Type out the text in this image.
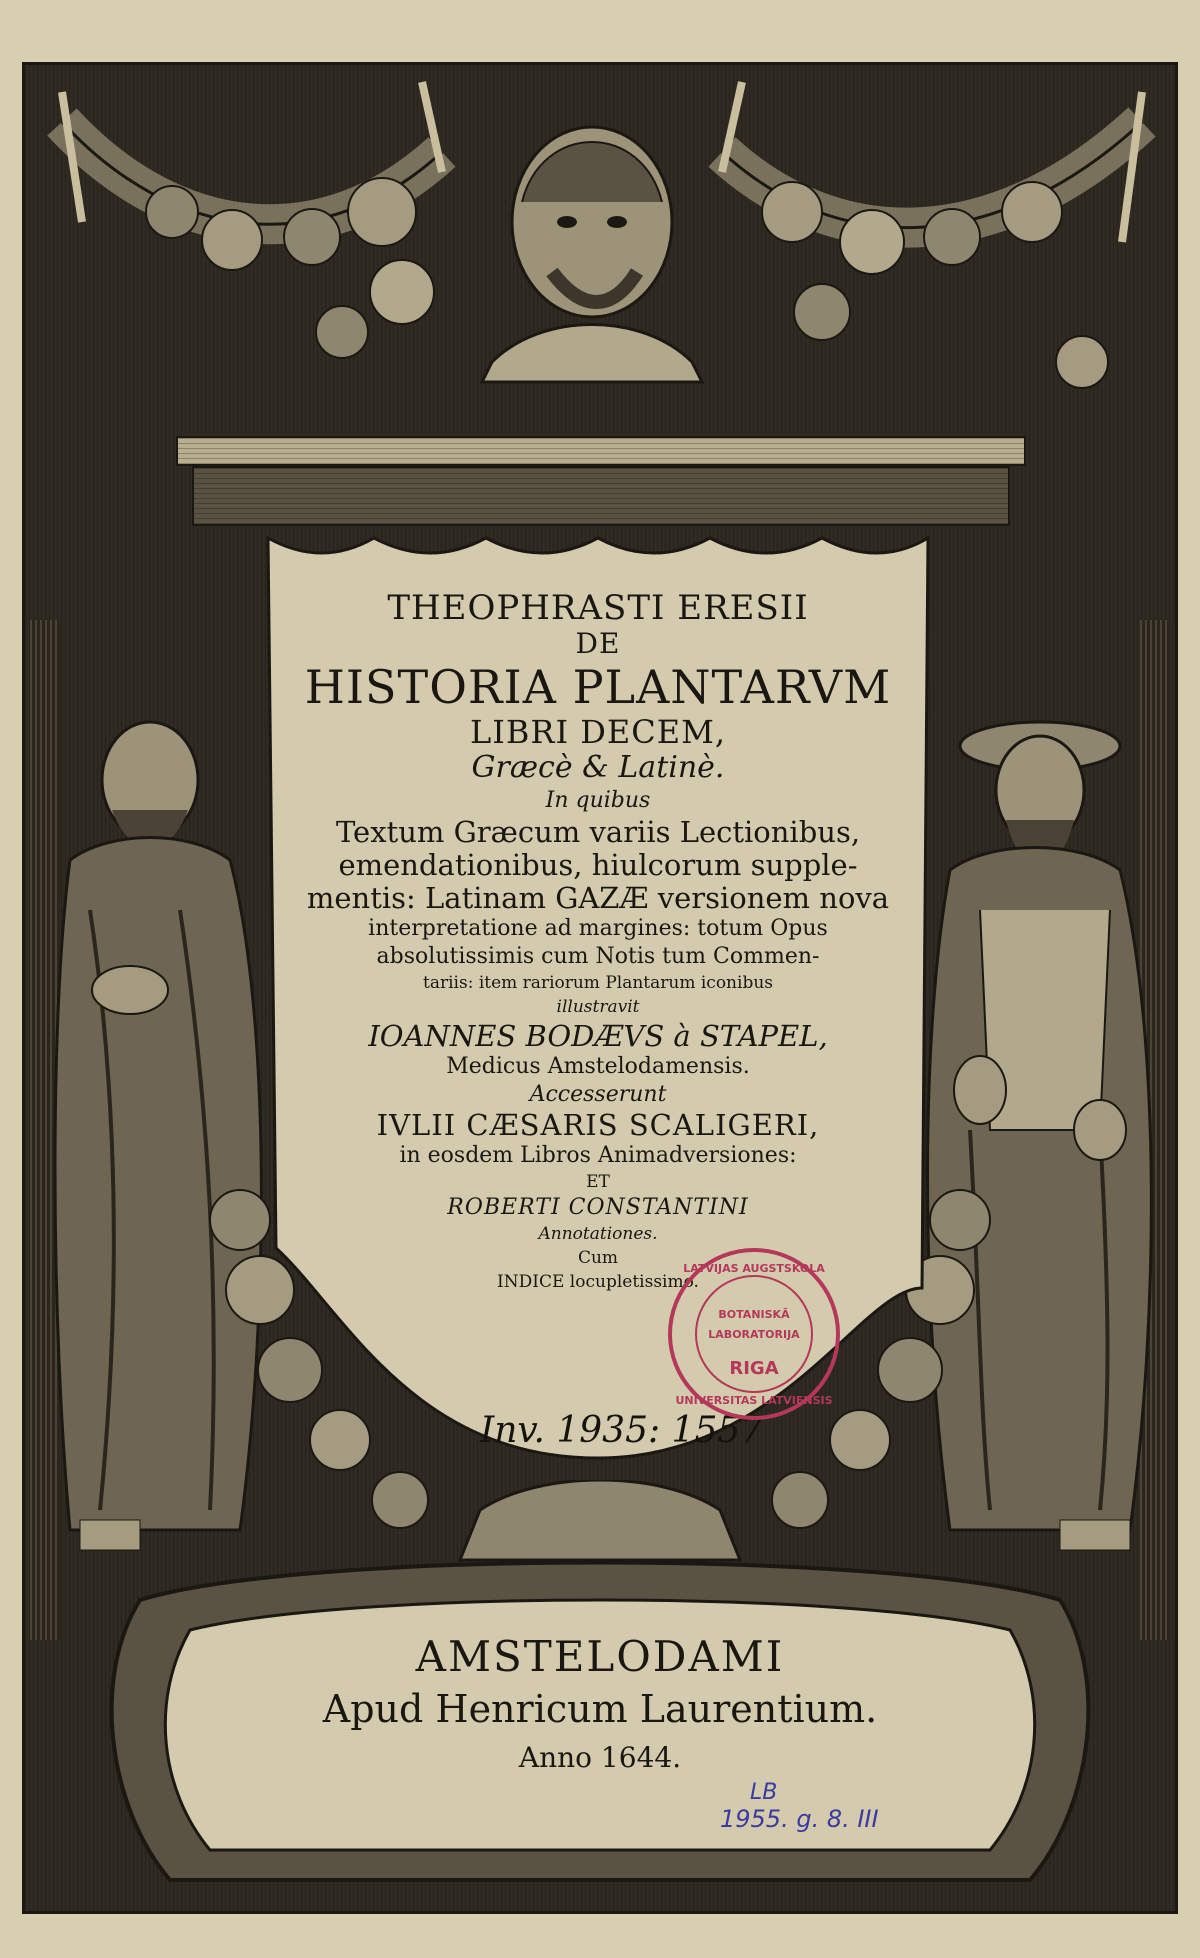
THEOPHRASTI ERESII
DE
HISTORIA PLANTARVM
LIBRI DECEM,
Græcè & Latinè.
In quibus
Textum Græcum variis Lectionibus,
emendationibus, hiulcorum supple-
mentis: Latinam GAZÆ versionem nova
interpretatione ad margines: totum Opus
absolutissimis cum Notis tum Commen-
tariis: item rariorum Plantarum iconibus
illustravit
IOANNES BODÆVS à STAPEL,
Medicus Amstelodamensis.
Accesserunt
IVLII CÆSARIS SCALIGERI,
in eosdem Libros Animadversiones:
ET
ROBERTI CONSTANTINI
Annotationes.
Cum
INDICE locupletissimo.
Inv. 1935: 1557
LATVIJAS AUGSTSKOLA
BOTANISKĀ
LABORATORIJA
RIGA
UNIVERSITAS LATVIENSIS
AMSTELODAMI
Apud Henricum Laurentium.
Anno 1644.
LB
1955. g. 8. III
